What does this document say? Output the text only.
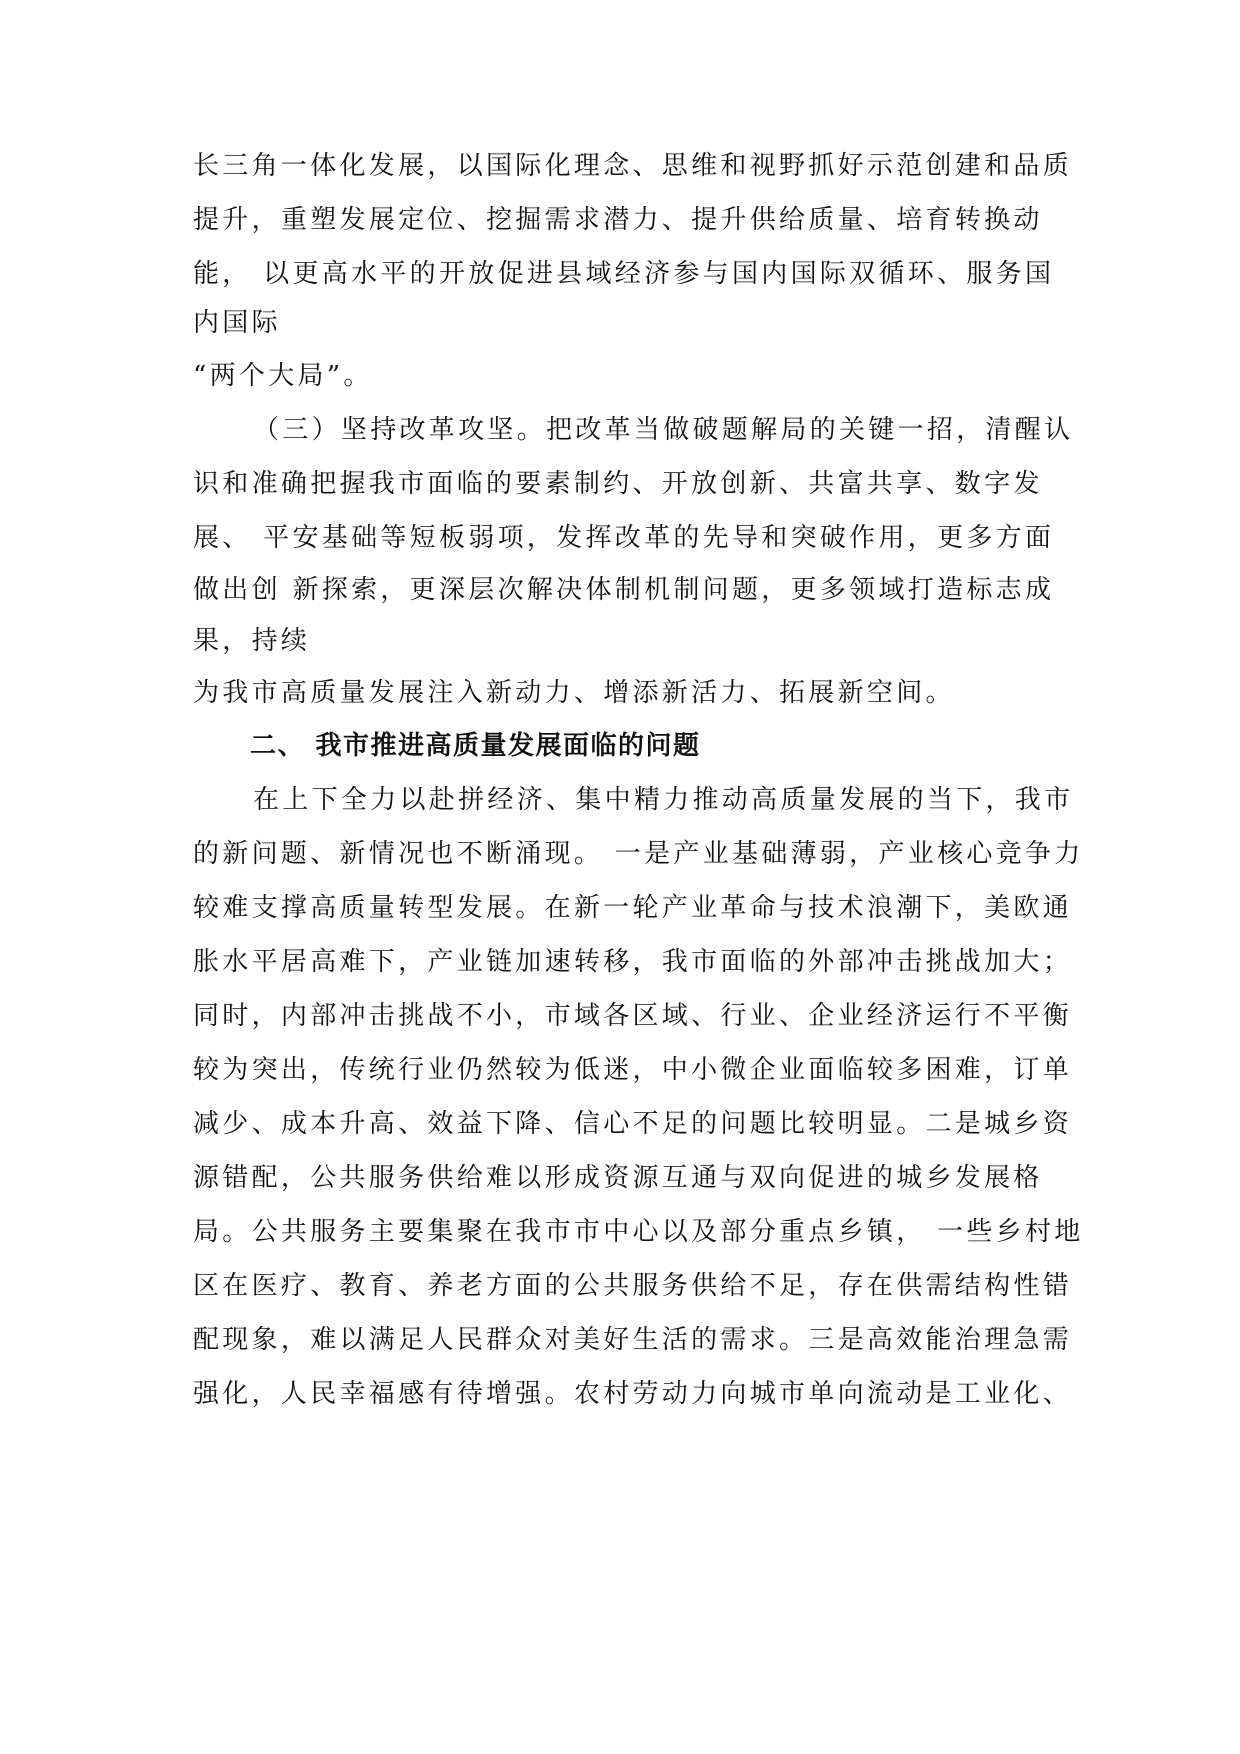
长三角一体化发展，以国际化理念、思维和视野抓好示范创建和品质
提升，重塑发展定位、挖掘需求潜力、提升供给质量、培育转换动
能， 以更高水平的开放促进县域经济参与国内国际双循环、服务国
内国际
“两个大局”。
（三）坚持改革攻坚。把改革当做破题解局的关键一招，清醒认
识和准确把握我市面临的要素制约、开放创新、共富共享、数字发
展、 平安基础等短板弱项，发挥改革的先导和突破作用，更多方面
做出创 新探索，更深层次解决体制机制问题，更多领域打造标志成
果，持续
为我市高质量发展注入新动力、增添新活力、拓展新空间。
二、 我市推进高质量发展面临的问题
在上下全力以赴拼经济、集中精力推动高质量发展的当下，我市
的新问题、新情况也不断涌现。 一是产业基础薄弱，产业核心竞争力
较难支撑高质量转型发展。在新一轮产业革命与技术浪潮下，美欧通
胀水平居高难下，产业链加速转移，我市面临的外部冲击挑战加大；
同时，内部冲击挑战不小，市域各区域、行业、企业经济运行不平衡
较为突出，传统行业仍然较为低迷，中小微企业面临较多困难，订单
减少、成本升高、效益下降、信心不足的问题比较明显。二是城乡资
源错配，公共服务供给难以形成资源互通与双向促进的城乡发展格
局。公共服务主要集聚在我市市中心以及部分重点乡镇， 一些乡村地
区在医疗、教育、养老方面的公共服务供给不足，存在供需结构性错
配现象，难以满足人民群众对美好生活的需求。三是高效能治理急需
强化，人民幸福感有待增强。农村劳动力向城市单向流动是工业化、
